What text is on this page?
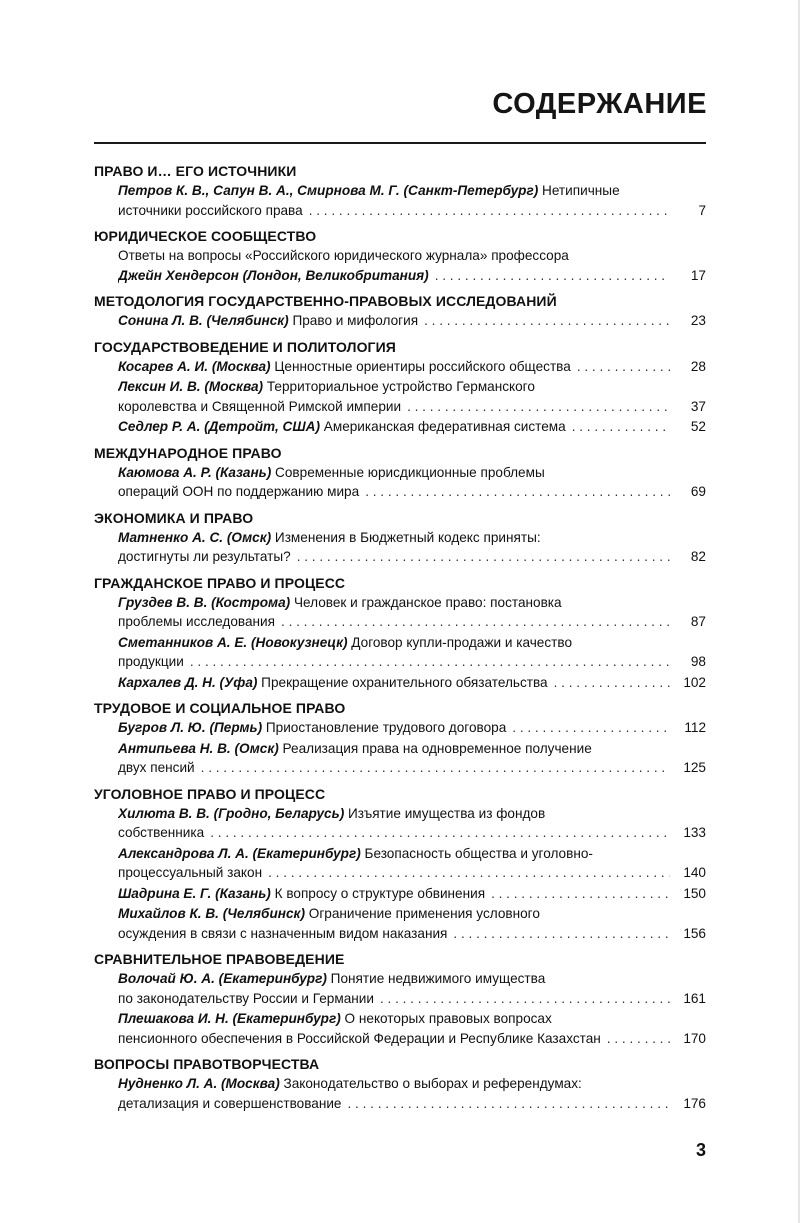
СОДЕРЖАНИЕ
ПРАВО И… ЕГО ИСТОЧНИКИ
Петров К. В., Сапун В. А., Смирнова М. Г. (Санкт-Петербург) Нетипичные
источники российского права . . .	7
ЮРИДИЧЕСКОЕ СООБЩЕСТВО
Ответы на вопросы «Российского юридического журнала» профессора
Джейн Хендерсон (Лондон, Великобритания) . . .	17
МЕТОДОЛОГИЯ ГОСУДАРСТВЕННО-ПРАВОВЫХ ИССЛЕДОВАНИЙ
Сонина Л. В. (Челябинск) Право и мифология . . .	23
ГОСУДАРСТВОВЕДЕНИЕ И ПОЛИТОЛОГИЯ
Косарев А. И. (Москва) Ценностные ориентиры российского общества . . .	28
Лексин И. В. (Москва) Территориальное устройство Германского
королевства и Священной Римской империи . . .	37
Седлер Р. А. (Детройт, США) Американская федеративная система . . .	52
МЕЖДУНАРОДНОЕ ПРАВО
Каюмова А. Р. (Казань) Современные юрисдикционные проблемы
операций ООН по поддержанию мира . . .	69
ЭКОНОМИКА И ПРАВО
Матненко А. С. (Омск) Изменения в Бюджетный кодекс приняты:
достигнуты ли результаты? . . .	82
ГРАЖДАНСКОЕ ПРАВО И ПРОЦЕСС
Груздев В. В. (Кострома) Человек и гражданское право: постановка
проблемы исследования . . .	87
Сметанников А. Е. (Новокузнецк) Договор купли-продажи и качество
продукции . . .	98
Кархалев Д. Н. (Уфа) Прекращение охранительного обязательства . . .	102
ТРУДОВОЕ И СОЦИАЛЬНОЕ ПРАВО
Бугров Л. Ю. (Пермь) Приостановление трудового договора . . .	112
Антипьева Н. В. (Омск) Реализация права на одновременное получение
двух пенсий . . .	125
УГОЛОВНОЕ ПРАВО И ПРОЦЕСС
Хилюта В. В. (Гродно, Беларусь) Изъятие имущества из фондов
собственника . . .	133
Александрова Л. А. (Екатеринбург) Безопасность общества и уголовно-
процессуальный закон . . .	140
Шадрина Е. Г. (Казань) К вопросу о структуре обвинения . . .	150
Михайлов К. В. (Челябинск) Ограничение применения условного
осуждения в связи с назначенным видом наказания . . .	156
СРАВНИТЕЛЬНОЕ ПРАВОВЕДЕНИЕ
Волочай Ю. А. (Екатеринбург) Понятие недвижимого имущества
по законодательству России и Германии . . .	161
Плешакова И. Н. (Екатеринбург) О некоторых правовых вопросах
пенсионного обеспечения в Российской Федерации и Республике Казахстан . . .	170
ВОПРОСЫ ПРАВОТВОРЧЕСТВА
Нудненко Л. А. (Москва) Законодательство о выборах и референдумах:
детализация и совершенствование . . .	176
3
